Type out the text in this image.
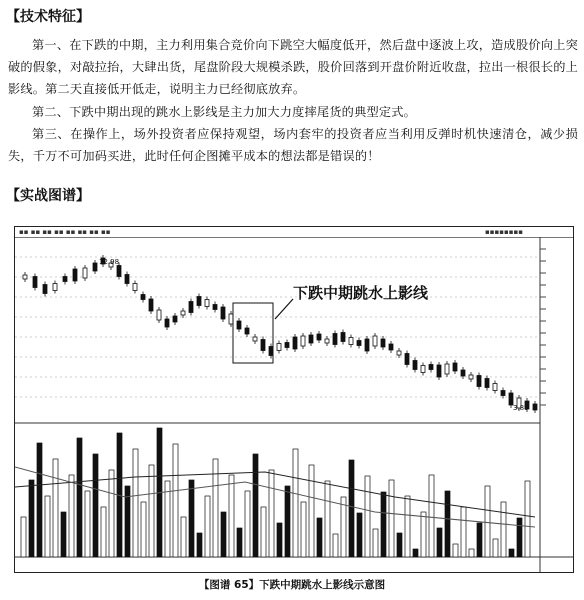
【技术特征】
第一、在下跌的中期，主力利用集合竞价向下跳空大幅度低开，然后盘中逐波上攻，造成股价向上突破的假象，对敲拉抬，大肆出货，尾盘阶段大规模杀跌，股价回落到开盘价附近收盘，拉出一根很长的上影线。第二天直接低开低走，说明主力已经彻底放弃。
第二、下跌中期出现的跳水上影线是主力加大力度摔尾货的典型定式。
第三、在操作上，场外投资者应保持观望，场内套牢的投资者应当利用反弹时机快速清仓，减少损失，千万不可加码买进，此时任何企图摊平成本的想法都是错误的！
【实战图谱】
▪▪ ▪▪ ▪▪ ▪▪ ▪▪ ▪▪ ▪▪ ▪▪	▪▪▪▪▪▪▪▪
12.98
3.88
下跌中期跳水上影线
【图谱 65】下跌中期跳水上影线示意图
